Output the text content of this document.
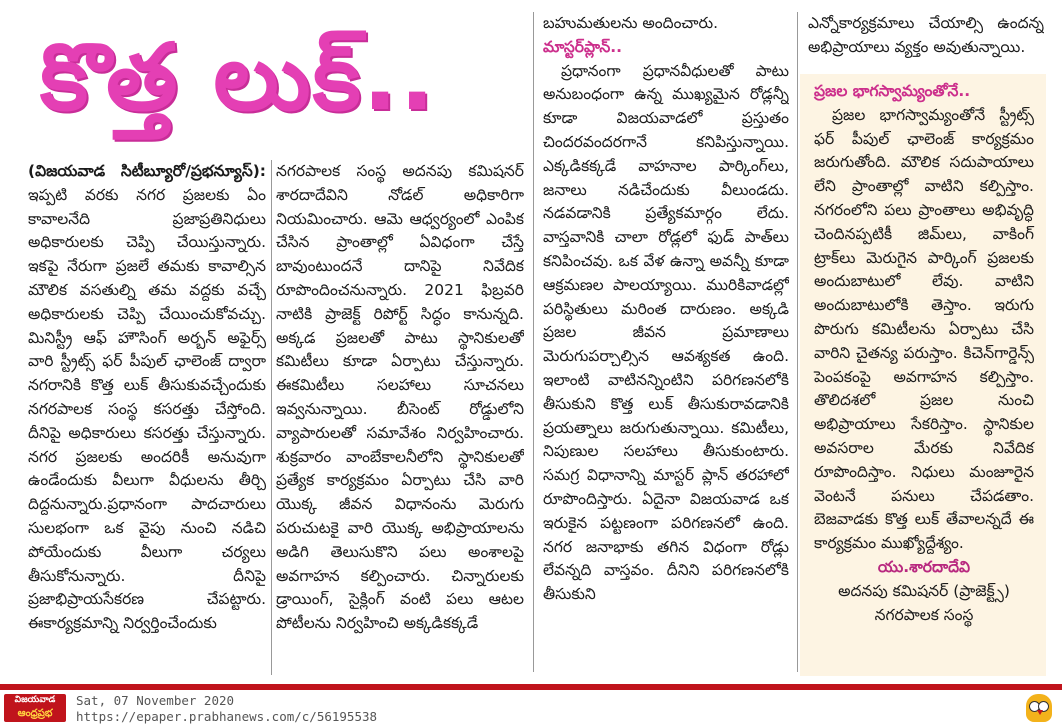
కొత్త లుక్..

(విజయవాడ సిటీబ్యూరో/ప్రభన్యూస్): ఇప్పటి వరకు నగర ప్రజలకు ఏం కావాలనేది ప్రజాప్రతినిధులు అధికారులకు చెప్పి చేయిస్తున్నారు. ఇకపై నేరుగా ప్రజలే తమకు కావాల్సిన మౌలిక వసతుల్ని తమ వద్దకు వచ్చే అధికారులకు చెప్పి చేయించుకోవచ్చు. మినిస్ట్రీ ఆఫ్ హౌసింగ్ అర్బన్ అఫైర్స్ వారి స్ట్రీట్స్ ఫర్ పీపుల్ ఛాలెంజ్ ద్వారా నగరానికి కొత్త లుక్ తీసుకువచ్చేందుకు నగరపాలక సంస్థ కసరత్తు చేస్తోంది. దీనిపై అధికారులు కసరత్తు చేస్తున్నారు. నగర ప్రజలకు అందరికీ అనువుగా ఉండేందుకు వీలుగా వీధులను తీర్చి దిద్దనున్నారు.ప్రధానంగా పాదచారులు సులభంగా ఒక వైపు నుంచి నడిచి పోయేందుకు వీలుగా చర్యలు తీసుకోనున్నారు. దీనిపై ప్రజాభిప్రాయసేకరణ చేపట్టారు. ఈకార్యక్రమాన్ని నిర్వర్తించేందుకు

నగరపాలక సంస్థ అదనపు కమిషనర్ శారదాదేవిని నోడల్ అధికారిగా నియమించారు. ఆమె ఆధ్వర్యంలో ఎంపిక చేసిన ప్రాంతాల్లో ఏవిధంగా చేస్తే బావుంటుందనే దానిపై నివేదిక రూపొందించనున్నారు. 2021 ఫిబ్రవరి నాటికి ప్రాజెక్ట్ రిపోర్ట్ సిద్ధం కానున్నది. అక్కడ ప్రజలతో పాటు స్థానికులతో కమిటీలు కూడా ఏర్పాటు చేస్తున్నారు. ఈకమిటీలు సలహాలు సూచనలు ఇవ్వనున్నాయి. బీసెంట్ రోడ్డులోని వ్యాపారులతో సమావేశం నిర్వహించారు. శుక్రవారం వాంబేకాలనీలోని స్థానికులతో ప్రత్యేక కార్యక్రమం ఏర్పాటు చేసి వారి యొక్క జీవన విధానంను మెరుగు పరుచుటకై వారి యొక్క అభిప్రాయాలను అడిగి తెలుసుకొని పలు అంశాలపై అవగాహన కల్పించారు. చిన్నారులకు డ్రాయింగ్, సైక్లింగ్ వంటి పలు ఆటల పోటీలను నిర్వహించి అక్కడికక్కడే

బహుమతులను అందించారు.

మాస్టర్‌ప్లాన్..

ప్రధానంగా ప్రధానవీధులతో పాటు అనుబంధంగా ఉన్న ముఖ్యమైన రోడ్లన్నీ కూడా విజయవాడలో ప్రస్తుతం చిందరవందరగానే కనిపిస్తున్నాయి. ఎక్కడికక్కడే వాహనాల పార్కింగ్‌లు, జనాలు నడిచేందుకు వీలుండదు. నడవడానికి ప్రత్యేకమార్గం లేదు. వాస్తవానికి చాలా రోడ్లలో ఫుడ్ పాత్‌లు కనిపించవు. ఒక వేళ ఉన్నా అవన్నీ కూడా ఆక్రమణల పాలయ్యాయి. మురికివాడల్లో పరిస్థితులు మరింత దారుణం. అక్కడి ప్రజల జీవన ప్రమాణాలు మెరుగుపర్చాల్సిన ఆవశ్యకత ఉంది. ఇలాంటి వాటినన్నింటిని పరిగణనలోకి తీసుకుని కొత్త లుక్ తీసుకురావడానికి ప్రయత్నాలు జరుగుతున్నాయి. కమిటీలు, నిపుణుల సలహాలు తీసుకుంటారు. సమగ్ర విధానాన్ని మాస్టర్ ప్లాన్ తరహాలో రూపొందిస్తారు. ఏదైనా విజయవాడ ఒక ఇరుకైన పట్టణంగా పరిగణనలో ఉంది. నగర జనాభాకు తగిన విధంగా రోడ్లు లేవన్నది వాస్తవం. దీనిని పరిగణనలోకి తీసుకుని

ఎన్నోకార్యక్రమాలు చేయాల్సి ఉందన్న అభిప్రాయాలు వ్యక్తం అవుతున్నాయి.

ప్రజల భాగస్వామ్యంతోనే..

ప్రజల భాగస్వామ్యంతోనే స్ట్రీట్స్ ఫర్ పీపుల్ ఛాలెంజ్ కార్యక్రమం జరుగుతోంది. మౌలిక సదుపాయాలు లేని ప్రాంతాల్లో వాటిని కల్పిస్తాం. నగరంలోని పలు ప్రాంతాలు అభివృద్ధి చెందినప్పటికీ జిమ్‌లు, వాకింగ్ ట్రాక్‌లు మెరుగైన పార్కింగ్ ప్రజలకు అందుబాటులో లేవు. వాటిని అందుబాటులోకి తెస్తాం. ఇరుగు పొరుగు కమిటీలను ఏర్పాటు చేసి వారిని చైతన్య పరుస్తాం. కిచెన్‌గార్డెన్స్ పెంపకంపై అవగాహన కల్పిస్తాం. తొలిదశలో ప్రజల నుంచి అభిప్రాయాలు సేకరిస్తాం. స్థానికుల అవసరాల మేరకు నివేదిక రూపొందిస్తాం. నిధులు మంజూరైన వెంటనే పనులు చేపడతాం. బెజవాడకు కొత్త లుక్ తేవాలన్నదే ఈ కార్యక్రమం ముఖ్యోద్దేశ్యం.

యు.శారదాదేవి

అదనపు కమిషనర్ (ప్రాజెక్ట్స్)

నగరపాలక సంస్థ

విజయవాడ
ఆంధ్రప్రభ
Sat, 07 November 2020
https://epaper.prabhanews.com/c/56195538
